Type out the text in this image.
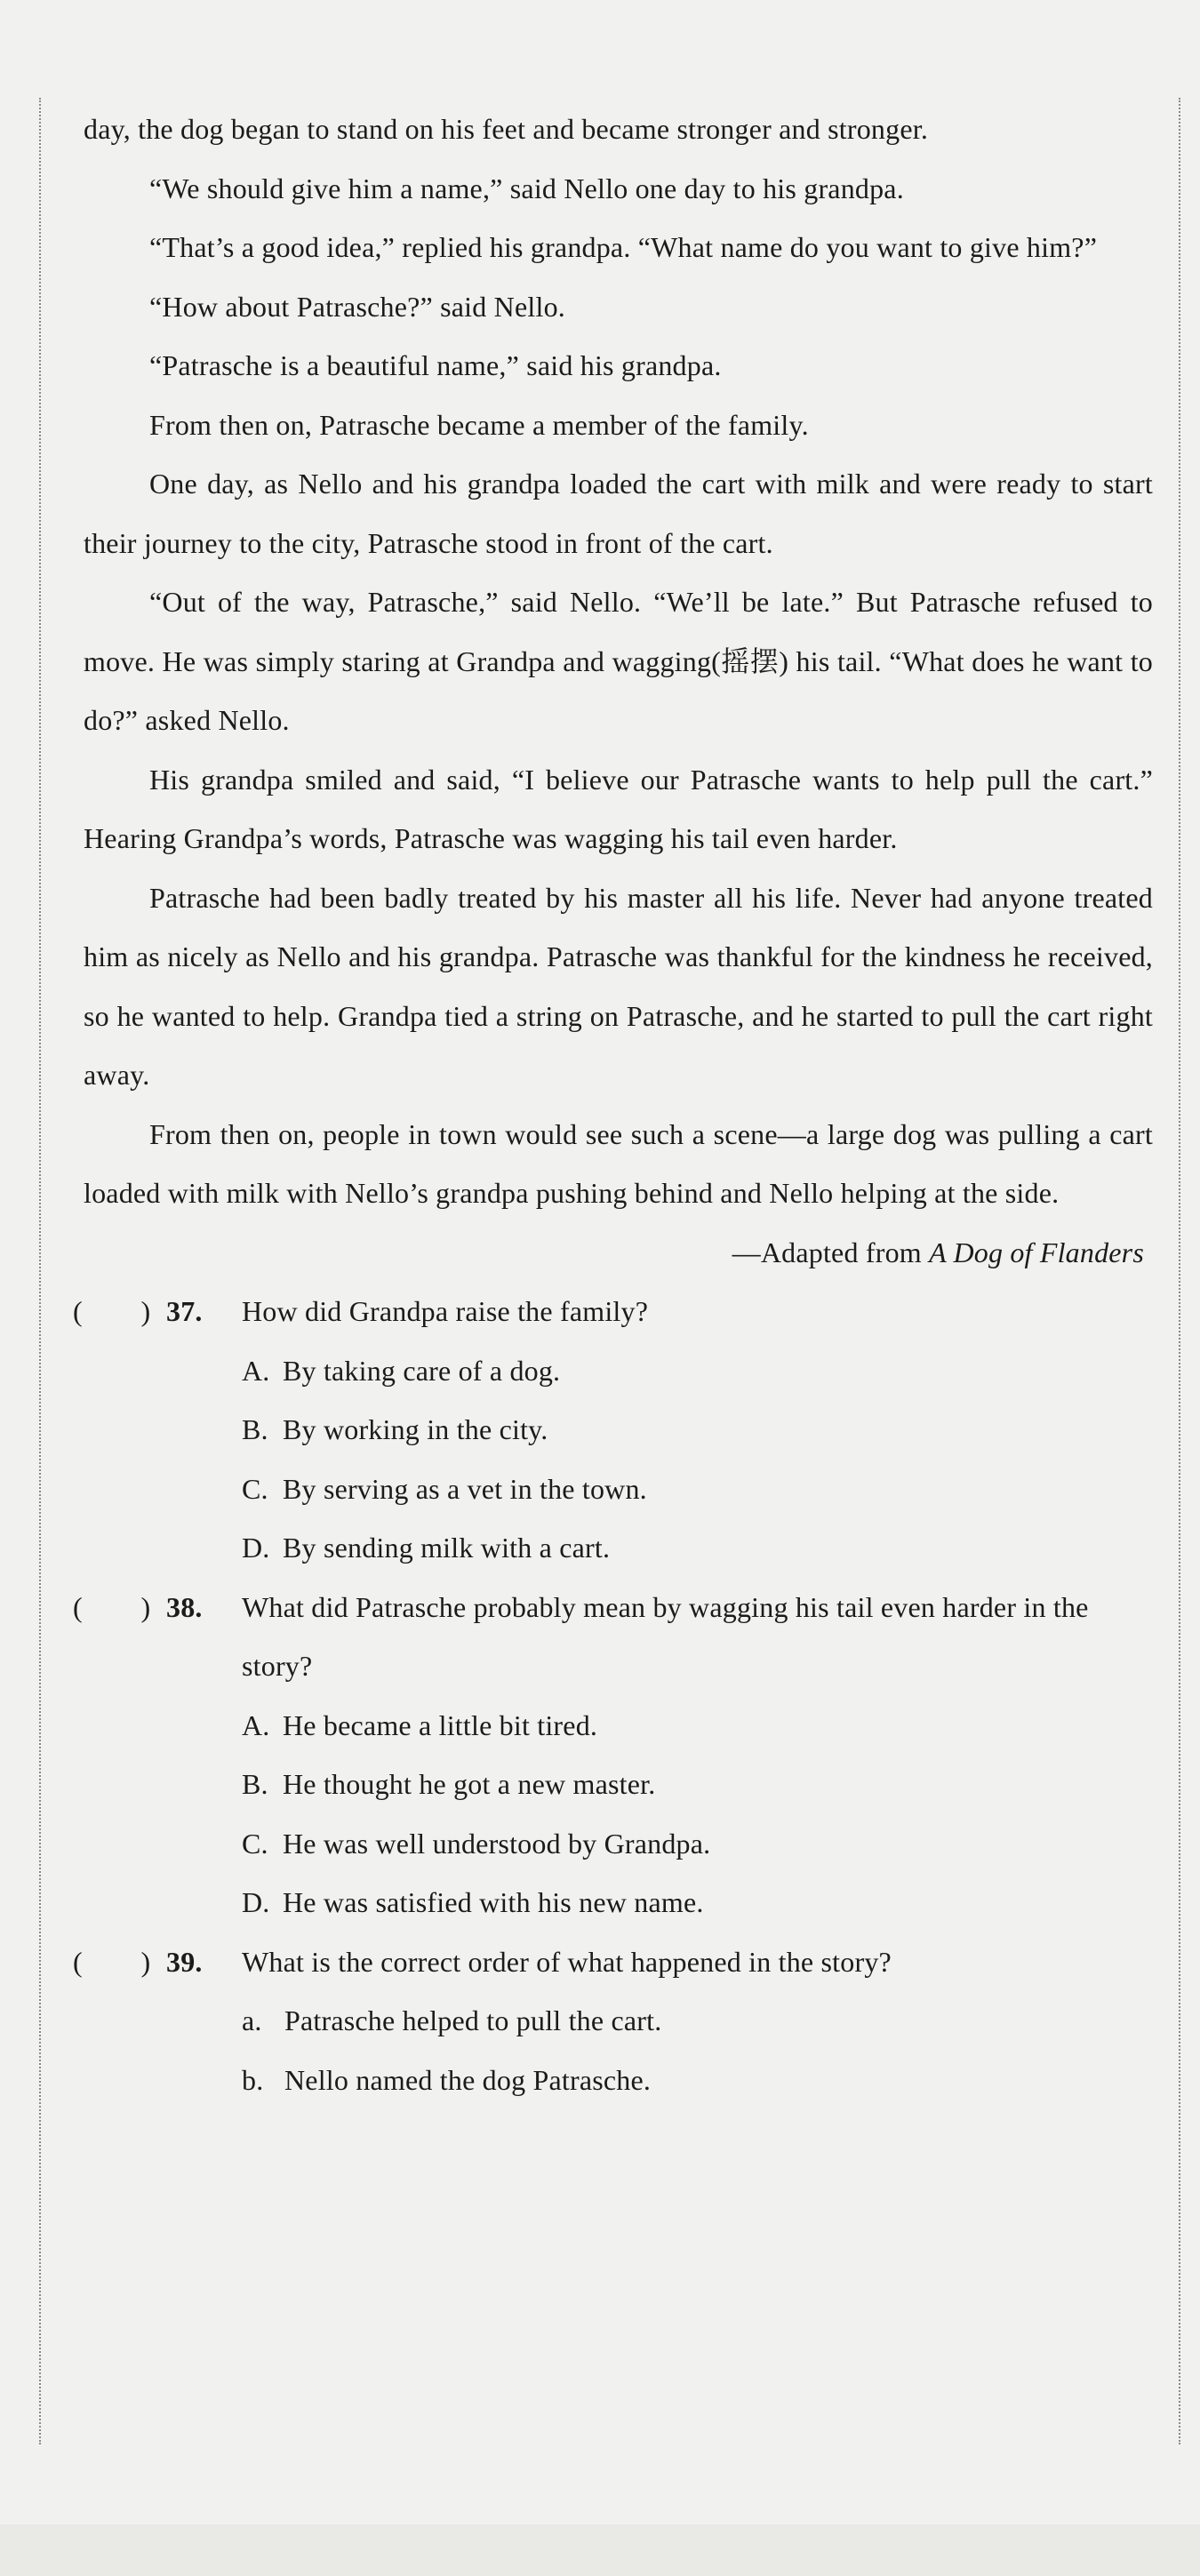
day, the dog began to stand on his feet and became stronger and stronger.

“We should give him a name,” said Nello one day to his grandpa.

“That’s a good idea,” replied his grandpa. “What name do you want to give him?”

“How about Patrasche?” said Nello.

“Patrasche is a beautiful name,” said his grandpa.

From then on, Patrasche became a member of the family.

One day, as Nello and his grandpa loaded the cart with milk and were ready to start their journey to the city, Patrasche stood in front of the cart.

“Out of the way, Patrasche,” said Nello. “We’ll be late.” But Patrasche refused to move. He was simply staring at Grandpa and wagging(摇摆) his tail. “What does he want to do?” asked Nello.

His grandpa smiled and said, “I believe our Patrasche wants to help pull the cart.” Hearing Grandpa’s words, Patrasche was wagging his tail even harder.

Patrasche had been badly treated by his master all his life. Never had anyone treated him as nicely as Nello and his grandpa. Patrasche was thankful for the kindness he received, so he wanted to help. Grandpa tied a string on Patrasche, and he started to pull the cart right away.

From then on, people in town would see such a scene—a large dog was pulling a cart loaded with milk with Nello’s grandpa pushing behind and Nello helping at the side.

—Adapted from A Dog of Flanders

(        ) 37.	How did Grandpa raise the family?
A. By taking care of a dog.
B. By working in the city.
C. By serving as a vet in the town.
D. By sending milk with a cart.
(        ) 38.	What did Patrasche probably mean by wagging his tail even harder in the story?
A. He became a little bit tired.
B. He thought he got a new master.
C. He was well understood by Grandpa.
D. He was satisfied with his new name.
(        ) 39.	What is the correct order of what happened in the story?
a. Patrasche helped to pull the cart.
b. Nello named the dog Patrasche.
